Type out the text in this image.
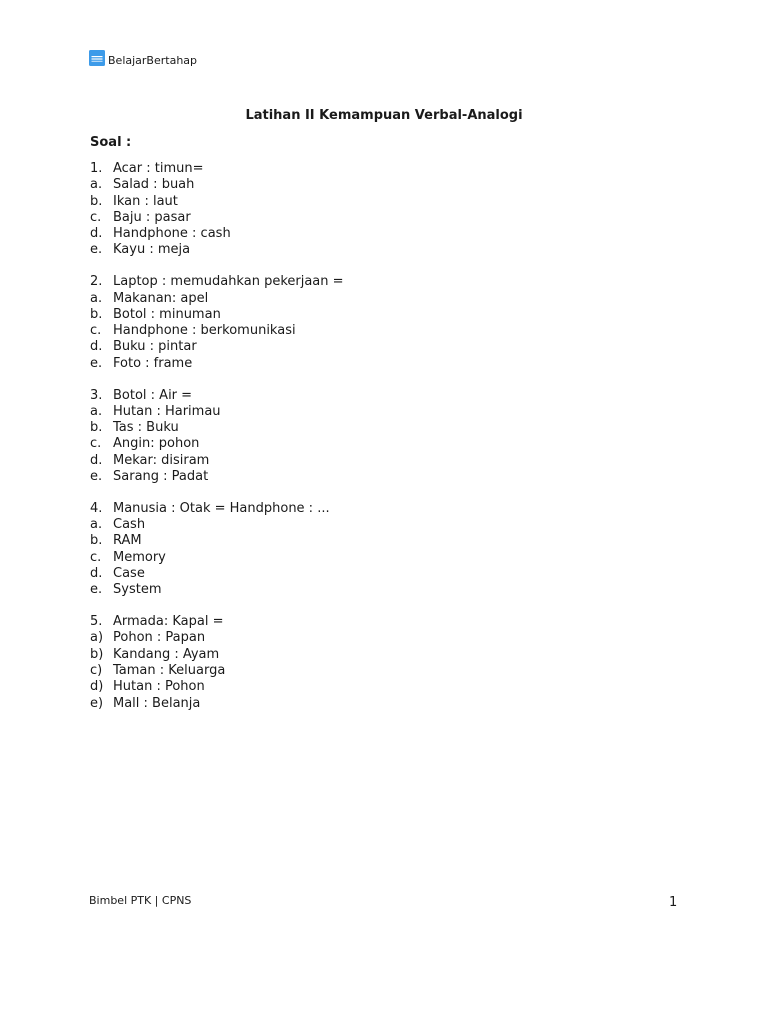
BelajarBertahap
Latihan II Kemampuan Verbal-Analogi
Soal :
1. Acar : timun=
a. Salad : buah
b. Ikan : laut
c. Baju : pasar
d. Handphone : cash
e. Kayu : meja
2. Laptop : memudahkan pekerjaan =
a. Makanan: apel
b. Botol : minuman
c. Handphone : berkomunikasi
d. Buku : pintar
e. Foto : frame
3. Botol : Air =
a. Hutan : Harimau
b. Tas : Buku
c. Angin: pohon
d. Mekar: disiram
e. Sarang : Padat
4. Manusia : Otak = Handphone : ...
a. Cash
b. RAM
c. Memory
d. Case
e. System
5. Armada: Kapal =
a) Pohon : Papan
b) Kandang : Ayam
c) Taman : Keluarga
d) Hutan : Pohon
e) Mall : Belanja
Bimbel PTK | CPNS	1
